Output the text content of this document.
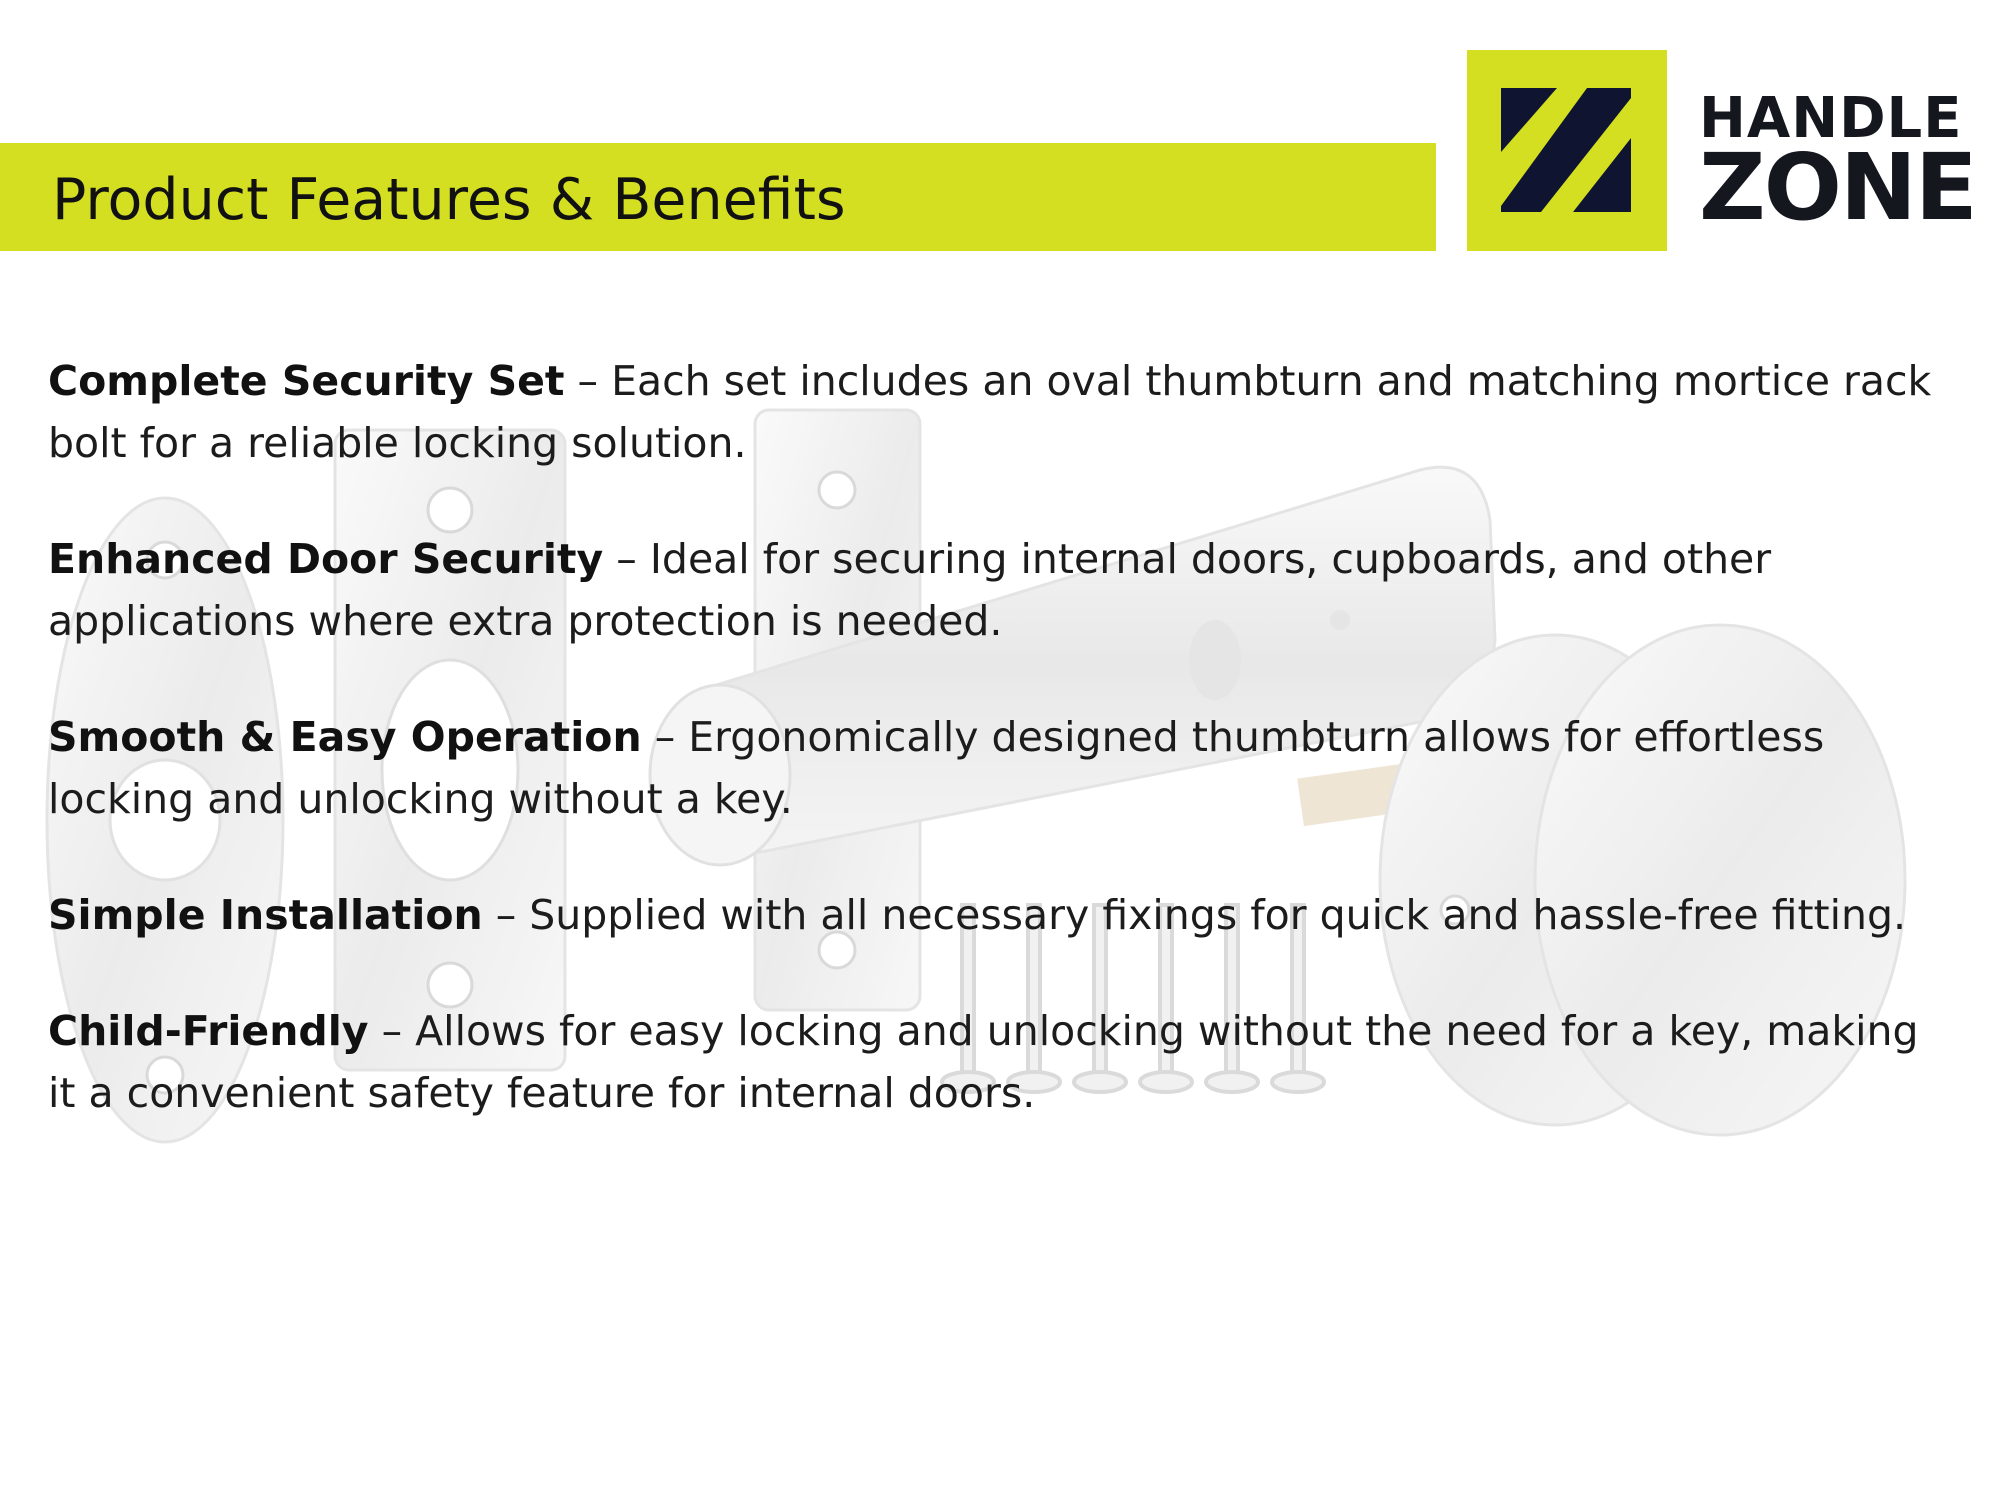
Product Features & Benefits
HANDLE
ZONE

Complete Security Set – Each set includes an oval thumbturn and matching mortice rack bolt for a reliable locking solution.

Enhanced Door Security – Ideal for securing internal doors, cupboards, and other applications where extra protection is needed.

Smooth & Easy Operation – Ergonomically designed thumbturn allows for effortless locking and unlocking without a key.

Simple Installation – Supplied with all necessary fixings for quick and hassle-free fitting.

Child-Friendly – Allows for easy locking and unlocking without the need for a key, making it a convenient safety feature for internal doors.
